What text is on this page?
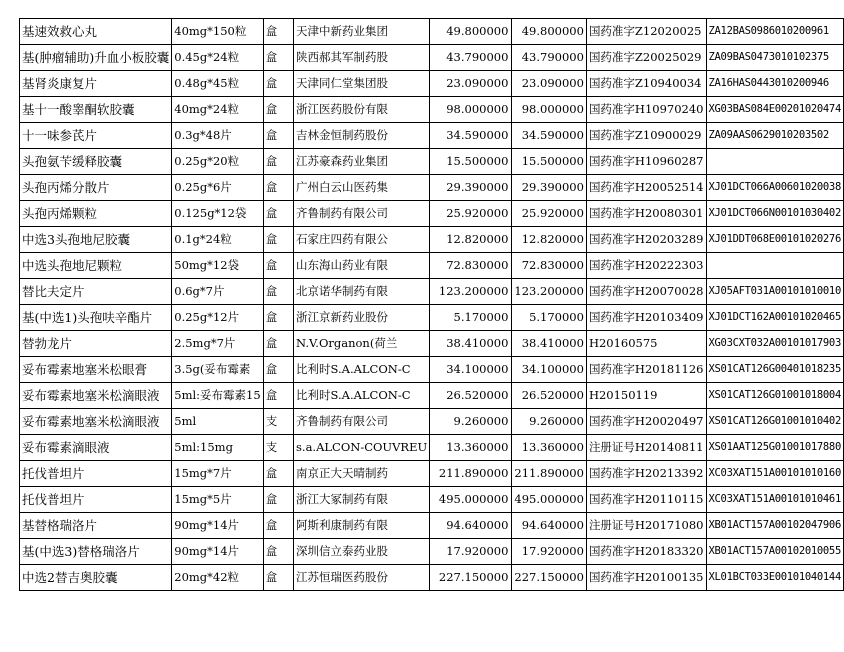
基速效救心丸	40mg*150粒	盒	天津中新药业集团	49.800000	49.800000	国药准字Z12020025	ZA12BAS0986010200961
基(肿瘤辅助)升血小板胶囊	0.45g*24粒	盒	陕西郝其军制药股	43.790000	43.790000	国药准字Z20025029	ZA09BAS0473010102375
基肾炎康复片	0.48g*45粒	盒	天津同仁堂集团股	23.090000	23.090000	国药准字Z10940034	ZA16HAS0443010200946
基十一酸睾酮软胶囊	40mg*24粒	盒	浙江医药股份有限	98.000000	98.000000	国药准字H10970240	XG03BAS084E00201020474
十一味参芪片	0.3g*48片	盒	吉林金恒制药股份	34.590000	34.590000	国药准字Z10900029	ZA09AAS0629010203502
头孢氨苄缓释胶囊	0.25g*20粒	盒	江苏豪森药业集团	15.500000	15.500000	国药准字H10960287	
头孢丙烯分散片	0.25g*6片	盒	广州白云山医药集	29.390000	29.390000	国药准字H20052514	XJ01DCT066A00601020038
头孢丙烯颗粒	0.125g*12袋	盒	齐鲁制药有限公司	25.920000	25.920000	国药准字H20080301	XJ01DCT066N00101030402
中选3头孢地尼胶囊	0.1g*24粒	盒	石家庄四药有限公	12.820000	12.820000	国药准字H20203289	XJ01DDT068E00101020276
中选头孢地尼颗粒	50mg*12袋	盒	山东海山药业有限	72.830000	72.830000	国药准字H20222303	
替比夫定片	0.6g*7片	盒	北京诺华制药有限	123.200000	123.200000	国药准字H20070028	XJ05AFT031A00101010010
基(中选1)头孢呋辛酯片	0.25g*12片	盒	浙江京新药业股份	5.170000	5.170000	国药准字H20103409	XJ01DCT162A00101020465
替勃龙片	2.5mg*7片	盒	N.V.Organon(荷兰	38.410000	38.410000	H20160575	XG03CXT032A00101017903
妥布霉素地塞米松眼膏	3.5g(妥布霉素	盒	比利时S.A.ALCON-C	34.100000	34.100000	国药准字H20181126	XS01CAT126G00401018235
妥布霉素地塞米松滴眼液	5ml:妥布霉素15	盒	比利时S.A.ALCON-C	26.520000	26.520000	H20150119	XS01CAT126G01001018004
妥布霉素地塞米松滴眼液	5ml	支	齐鲁制药有限公司	9.260000	9.260000	国药准字H20020497	XS01CAT126G01001010402
妥布霉素滴眼液	5ml:15mg	支	s.a.ALCON-COUVREU	13.360000	13.360000	注册证号H20140811	XS01AAT125G01001017880
托伐普坦片	15mg*7片	盒	南京正大天晴制药	211.890000	211.890000	国药准字H20213392	XC03XAT151A00101010160
托伐普坦片	15mg*5片	盒	浙江大冢制药有限	495.000000	495.000000	国药准字H20110115	XC03XAT151A00101010461
基替格瑞洛片	90mg*14片	盒	阿斯利康制药有限	94.640000	94.640000	注册证号H20171080	XB01ACT157A00102047906
基(中选3)替格瑞洛片	90mg*14片	盒	深圳信立泰药业股	17.920000	17.920000	国药准字H20183320	XB01ACT157A00102010055
中选2替吉奥胶囊	20mg*42粒	盒	江苏恒瑞医药股份	227.150000	227.150000	国药准字H20100135	XL01BCT033E00101040144
